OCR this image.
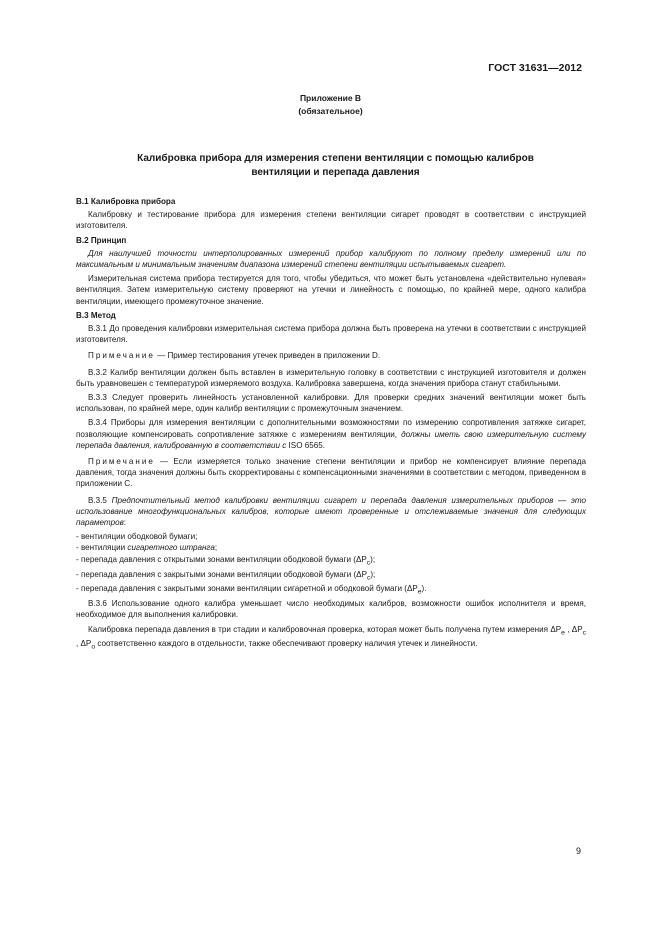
ГОСТ 31631—2012
Приложение В
(обязательное)
Калибровка прибора для измерения степени вентиляции с помощью калибров
вентиляции и перепада давления
В.1 Калибровка прибора

Калибровку и тестирование прибора для измерения степени вентиляции сигарет проводят в соответствии с инструкцией изготовителя.

В.2 Принцип

Для наилучшей точности интерполированных измерений прибор калибруют по полному пределу измерений или по максимальным и минимальным значениям диапазона измерений степени вентиляции испытываемых сигарет.

Измерительная система прибора тестируется для того, чтобы убедиться, что может быть установлена «действительно нулевая» вентиляция. Затем измерительную систему проверяют на утечки и линейность с помощью, по крайней мере, одного калибра вентиляции, имеющего промежуточное значение.

В.3 Метод

В.3.1 До проведения калибровки измерительная система прибора должна быть проверена на утечки в соответствии с инструкцией изготовителя.

Примечание — Пример тестирования утечек приведен в приложении D.

В.3.2 Калибр вентиляции должен быть вставлен в измерительную головку в соответствии с инструкцией изготовителя и должен быть уравновешен с температурой измеряемого воздуха. Калибровка завершена, когда значения прибора станут стабильными.

В.3.3 Следует проверить линейность установленной калибровки. Для проверки средних значений вентиляции может быть использован, по крайней мере, один калибр вентиляции с промежуточным значением.

В.3.4 Приборы для измерения вентиляции с дополнительными возможностями по измерению сопротивления затяжке сигарет, позволяющие компенсировать сопротивление затяжке с измерениям вентиляции, должны иметь свою измерительную систему перепада давления, калиброванную в соответствии с ISO 6565.

Примечание — Если измеряется только значение степени вентиляции и прибор не компенсирует влияние перепада давления, тогда значения должны быть скорректированы с компенсационными значениями в соответствии с методом, приведенном в приложении С.

В.3.5 Предпочтительный метод калибровки вентиляции сигарет и перепада давления измерительных приборов — это использование многофункциональных калибров, которые имеют проверенные и отслеживаемые значения для следующих параметров:

- вентиляции ободковой бумаги;

- вентиляции сигаретного штранга;

- перепада давления с открытыми зонами вентиляции ободковой бумаги $(\Delta P_c)$;

- перепада давления с закрытыми зонами вентиляции ободковой бумаги $(\Delta P_c)$;

- перепада давления с закрытыми зонами вентиляции сигаретной и ободковой бумаги $(\Delta P_e)$.

В.3.6 Использование одного калибра уменьшает число необходимых калибров, возможности ошибок исполнителя и время, необходимое для выполнения калибровки.

Калибровка перепада давления в три стадии и калибровочная проверка, которая может быть получена путем измерения $\Delta P_e$ , $\Delta P_c$ , $\Delta P_o$ соответственно каждого в отдельности, также обеспечивают проверку наличия утечек и линейности.

9
